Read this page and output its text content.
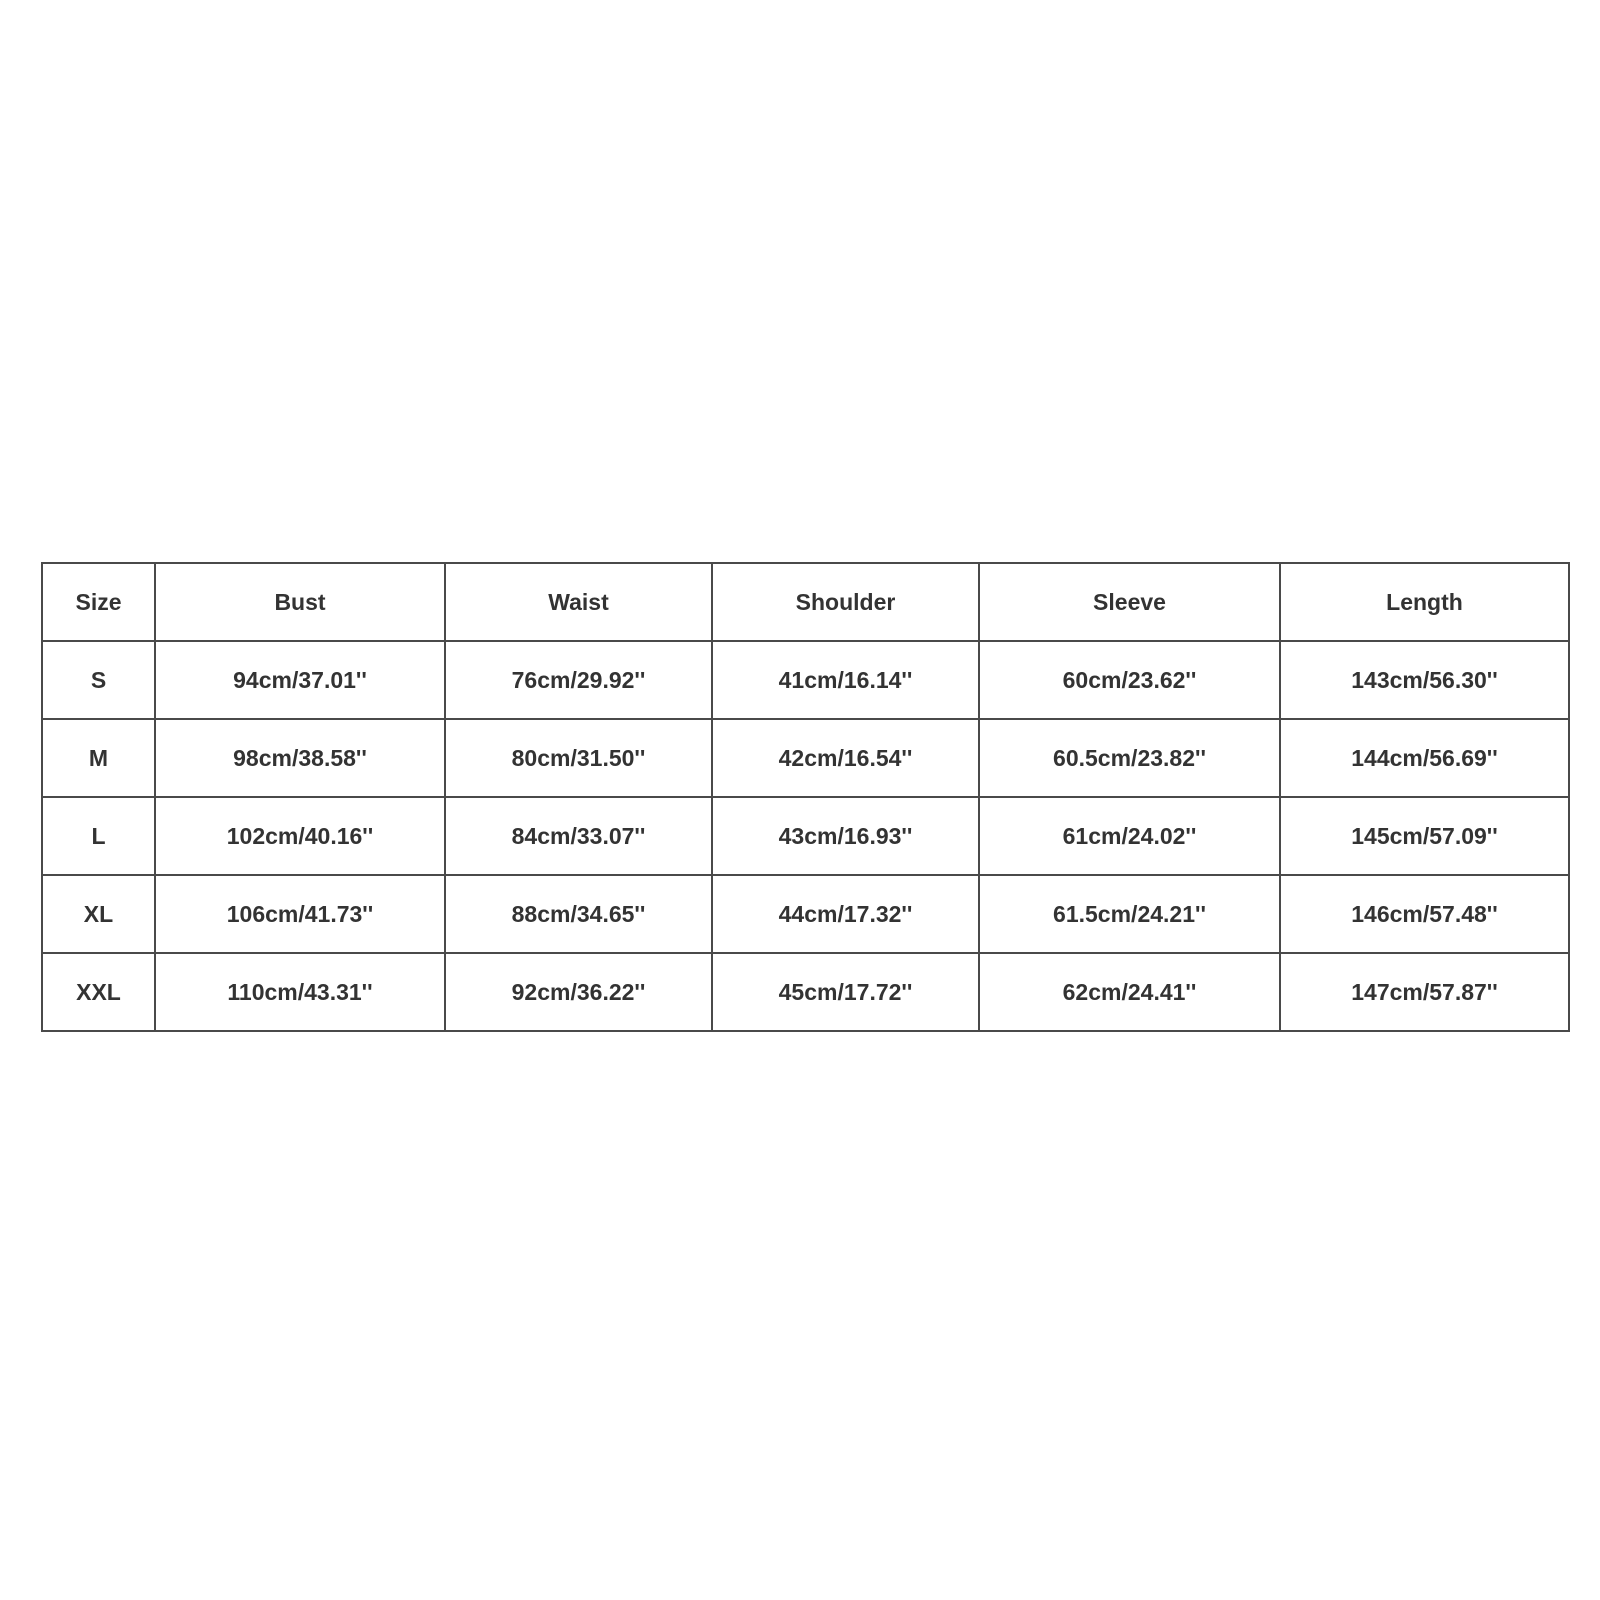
Size	Bust	Waist	Shoulder	Sleeve	Length
S	94cm/37.01''	76cm/29.92''	41cm/16.14''	60cm/23.62''	143cm/56.30''
M	98cm/38.58''	80cm/31.50''	42cm/16.54''	60.5cm/23.82''	144cm/56.69''
L	102cm/40.16''	84cm/33.07''	43cm/16.93''	61cm/24.02''	145cm/57.09''
XL	106cm/41.73''	88cm/34.65''	44cm/17.32''	61.5cm/24.21''	146cm/57.48''
XXL	110cm/43.31''	92cm/36.22''	45cm/17.72''	62cm/24.41''	147cm/57.87''
